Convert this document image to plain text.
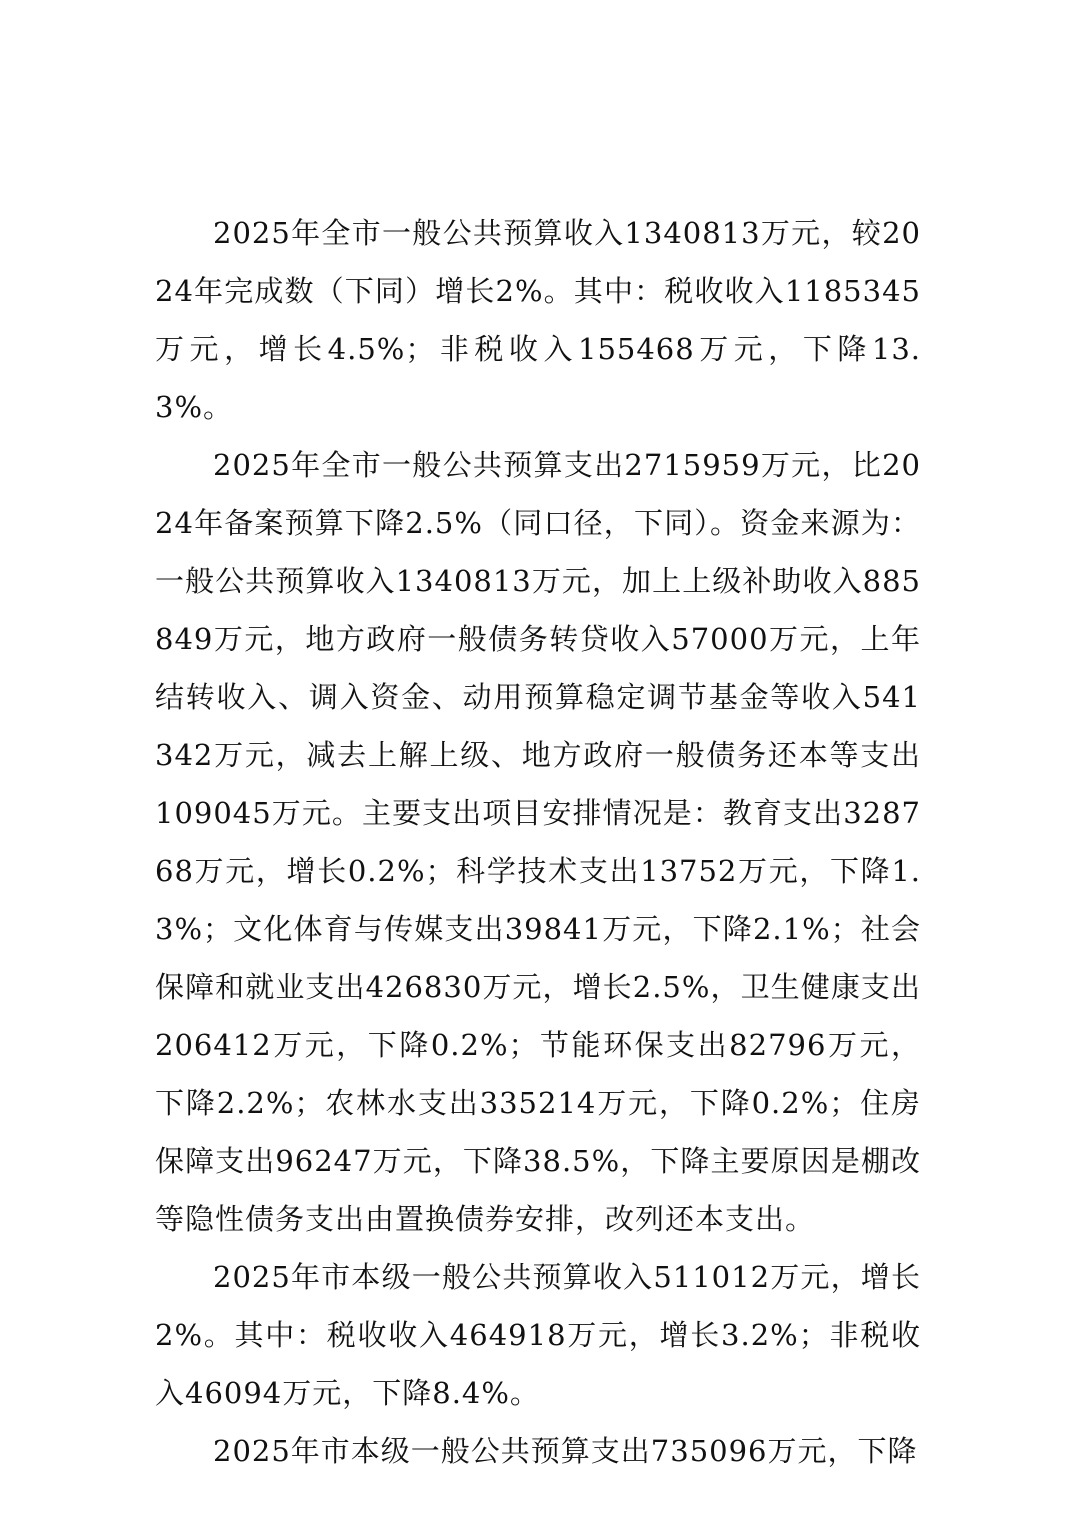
2025年全市一般公共预算收入1340813万元，较2024年完成数（下同）增长2%。其中：税收收入1185345万元，增长4.5%；非税收入155468万元，下降13.3%。

2025年全市一般公共预算支出2715959万元，比2024年备案预算下降2.5%（同口径，下同）。资金来源为：一般公共预算收入1340813万元，加上上级补助收入885849万元，地方政府一般债务转贷收入57000万元，上年结转收入、调入资金、动用预算稳定调节基金等收入541342万元，减去上解上级、地方政府一般债务还本等支出109045万元。主要支出项目安排情况是：教育支出328768万元，增长0.2%；科学技术支出13752万元，下降1.3%；文化体育与传媒支出39841万元，下降2.1%；社会保障和就业支出426830万元，增长2.5%，卫生健康支出206412万元，下降0.2%；节能环保支出82796万元，下降2.2%；农林水支出335214万元，下降0.2%；住房保障支出96247万元，下降38.5%，下降主要原因是棚改等隐性债务支出由置换债券安排，改列还本支出。

2025年市本级一般公共预算收入511012万元，增长2%。其中：税收收入464918万元，增长3.2%；非税收入46094万元，下降8.4%。

2025年市本级一般公共预算支出735096万元，下降
